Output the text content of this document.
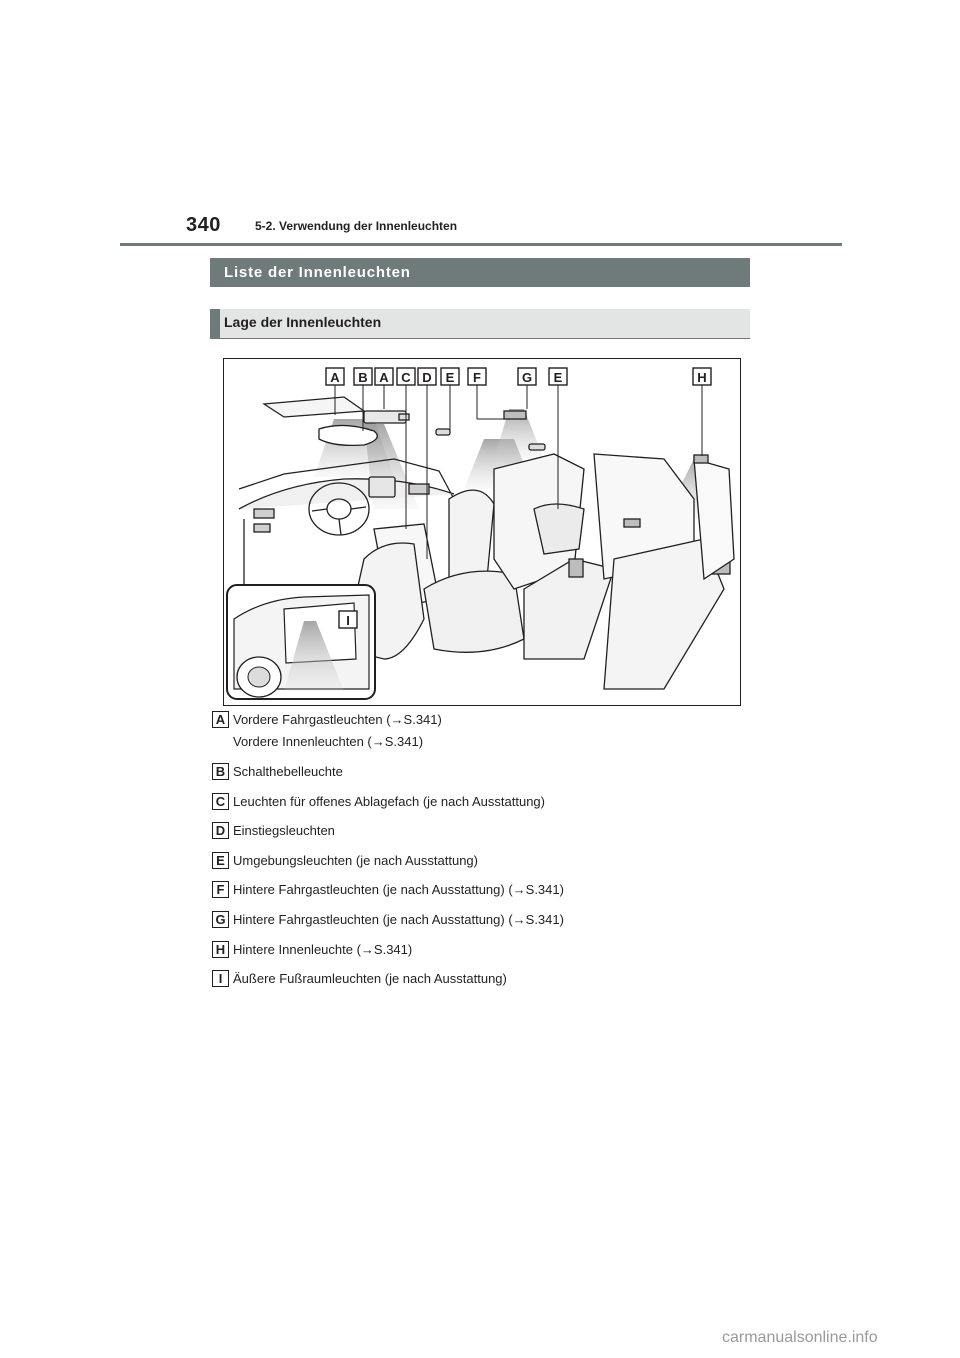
340	5-2. Verwendung der Innenleuchten
Liste der Innenleuchten
Lage der Innenleuchten
A B A C D E F	G E	H
I
A Vordere Fahrgastleuchten (→S.341)
Vordere Innenleuchten (→S.341)
B Schalthebelleuchte
C Leuchten für offenes Ablagefach (je nach Ausstattung)
D Einstiegsleuchten
E Umgebungsleuchten (je nach Ausstattung)
F Hintere Fahrgastleuchten (je nach Ausstattung) (→S.341)
G Hintere Fahrgastleuchten (je nach Ausstattung) (→S.341)
H Hintere Innenleuchte (→S.341)
I Äußere Fußraumleuchten (je nach Ausstattung)
carmanualsonline.info
